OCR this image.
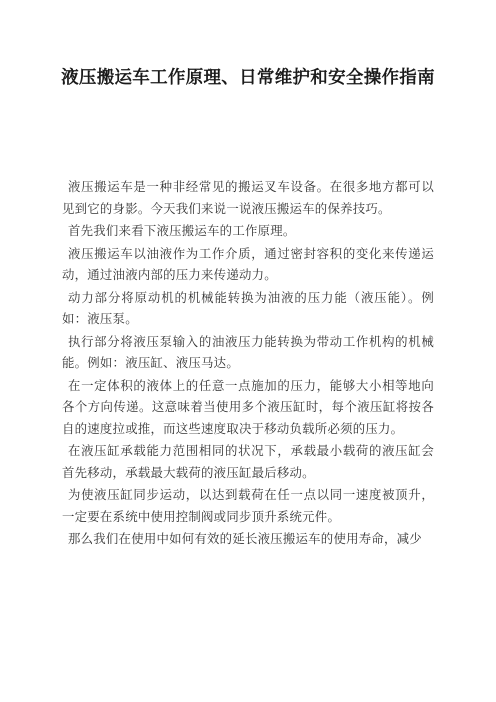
液压搬运车工作原理、日常维护和安全操作指南

液压搬运车是一种非经常见的搬运叉车设备。在很多地方都可以见到它的身影。今天我们来说一说液压搬运车的保养技巧。

首先我们来看下液压搬运车的工作原理。

液压搬运车以油液作为工作介质，通过密封容积的变化来传递运动，通过油液内部的压力来传递动力。

动力部分将原动机的机械能转换为油液的压力能（液压能）。例如：液压泵。

执行部分将液压泵输入的油液压力能转换为带动工作机构的机械能。例如：液压缸、液压马达。

在一定体积的液体上的任意一点施加的压力，能够大小相等地向各个方向传递。这意味着当使用多个液压缸时，每个液压缸将按各自的速度拉或推，而这些速度取决于移动负载所必须的压力。

在液压缸承载能力范围相同的状况下，承载最小载荷的液压缸会首先移动，承载最大载荷的液压缸最后移动。

为使液压缸同步运动，以达到载荷在任一点以同一速度被顶升，一定要在系统中使用控制阀或同步顶升系统元件。

那么我们在使用中如何有效的延长液压搬运车的使用寿命，减少
